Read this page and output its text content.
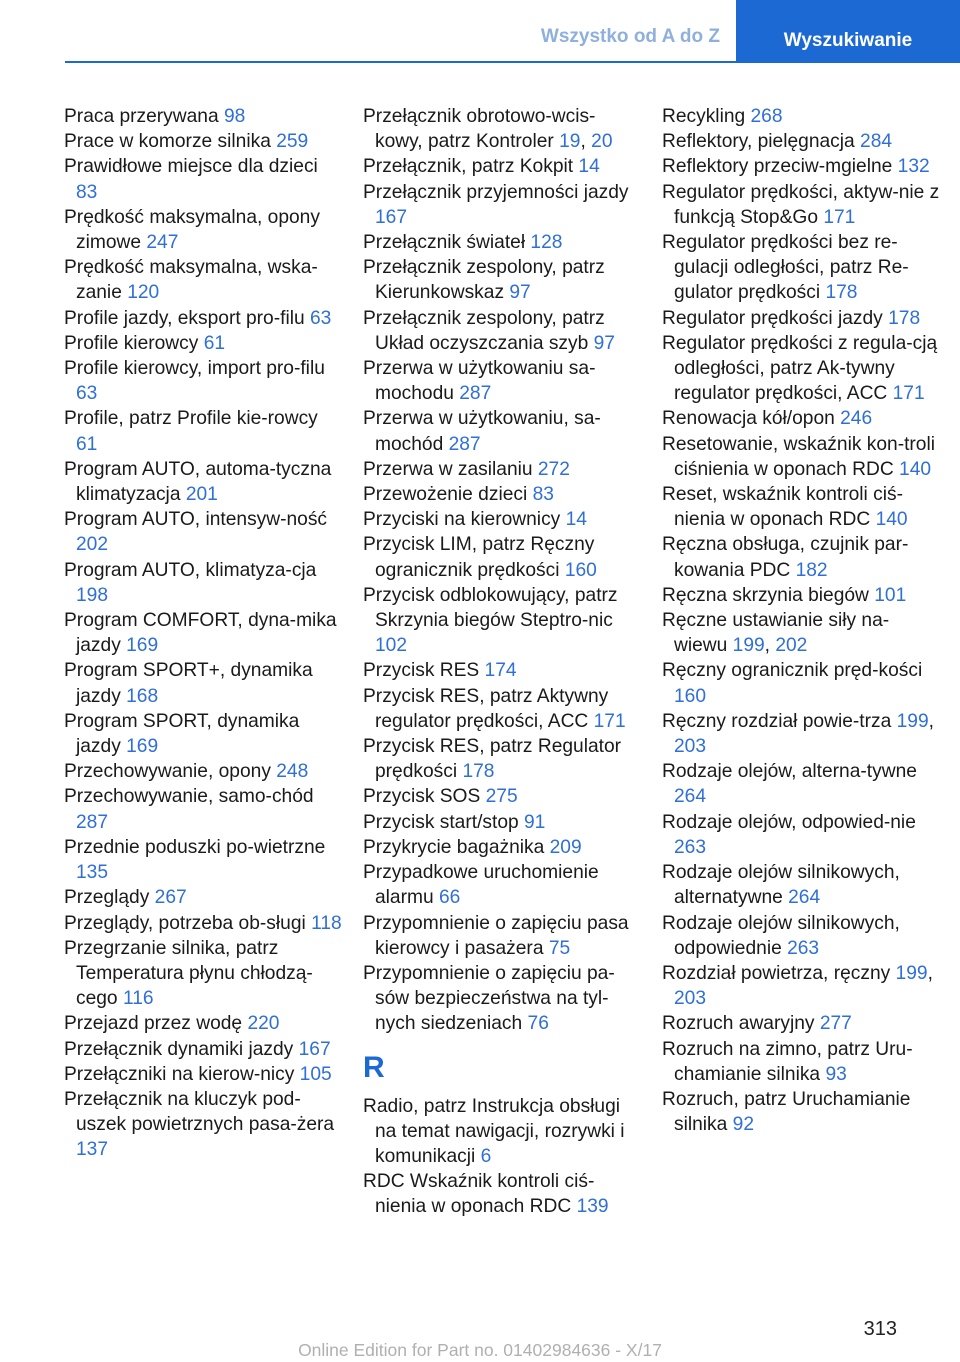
Wszystko od A do Z	Wyszukiwanie
Praca przerywana 98
Prace w komorze silnika 259
Prawidłowe miejsce dla dzieci 83
Prędkość maksymalna, opony zimowe 247
Prędkość maksymalna, wska‐zanie 120
Profile jazdy, eksport pro‐filu 63
Profile kierowcy 61
Profile kierowcy, import pro‐filu 63
Profile, patrz Profile kie‐rowcy 61
Program AUTO, automa‐tyczna klimatyzacja 201
Program AUTO, intensyw‐ność 202
Program AUTO, klimatyza‐cja 198
Program COMFORT, dyna‐mika jazdy 169
Program SPORT+, dynamika jazdy 168
Program SPORT, dynamika jazdy 169
Przechowywanie, opony 248
Przechowywanie, samo‐chód 287
Przednie poduszki po‐wietrzne 135
Przeglądy 267
Przeglądy, potrzeba ob‐sługi 118
Przegrzanie silnika, patrz Temperatura płynu chłodzą‐cego 116
Przejazd przez wodę 220
Przełącznik dynamiki jazdy 167
Przełączniki na kierow‐nicy 105
Przełącznik na kluczyk pod‐uszek powietrznych pasa‐żera 137
Przełącznik obrotowo-wcis‐kowy, patrz Kontroler 19, 20
Przełącznik, patrz Kokpit 14
Przełącznik przyjemności jazdy 167
Przełącznik świateł 128
Przełącznik zespolony, patrz Kierunkowskaz 97
Przełącznik zespolony, patrz Układ oczyszczania szyb 97
Przerwa w użytkowaniu sa‐mochodu 287
Przerwa w użytkowaniu, sa‐mochód 287
Przerwa w zasilaniu 272
Przewożenie dzieci 83
Przyciski na kierownicy 14
Przycisk LIM, patrz Ręczny ogranicznik prędkości 160
Przycisk odblokowujący, patrz Skrzynia biegów Steptro‐nic 102
Przycisk RES 174
Przycisk RES, patrz Aktywny regulator prędkości, ACC 171
Przycisk RES, patrz Regulator prędkości 178
Przycisk SOS 275
Przycisk start/stop 91
Przykrycie bagażnika 209
Przypadkowe uruchomienie alarmu 66
Przypomnienie o zapięciu pasa kierowcy i pasażera 75
Przypomnienie o zapięciu pa‐sów bezpieczeństwa na tyl‐nych siedzeniach 76
R
Radio, patrz Instrukcja obsługi na temat nawigacji, rozrywki i komunikacji 6
RDC Wskaźnik kontroli ciś‐nienia w oponach RDC 139
Recykling 268
Reflektory, pielęgnacja 284
Reflektory przeciw‐mgielne 132
Regulator prędkości, aktyw‐nie z funkcją Stop&Go 171
Regulator prędkości bez re‐gulacji odległości, patrz Re‐gulator prędkości 178
Regulator prędkości jazdy 178
Regulator prędkości z regula‐cją odległości, patrz Ak‐tywny regulator prędkości, ACC 171
Renowacja kół/opon 246
Resetowanie, wskaźnik kon‐troli ciśnienia w oponach RDC 140
Reset, wskaźnik kontroli ciś‐nienia w oponach RDC 140
Ręczna obsługa, czujnik par‐kowania PDC 182
Ręczna skrzynia biegów 101
Ręczne ustawianie siły na‐wiewu 199, 202
Ręczny ogranicznik pręd‐kości 160
Ręczny rozdział powie‐trza 199, 203
Rodzaje olejów, alterna‐tywne 264
Rodzaje olejów, odpowied‐nie 263
Rodzaje olejów silnikowych, alternatywne 264
Rodzaje olejów silnikowych, odpowiednie 263
Rozdział powietrza, ręczny 199, 203
Rozruch awaryjny 277
Rozruch na zimno, patrz Uru‐chamianie silnika 93
Rozruch, patrz Uruchamianie silnika 92
313
Online Edition for Part no. 01402984636 - X/17
